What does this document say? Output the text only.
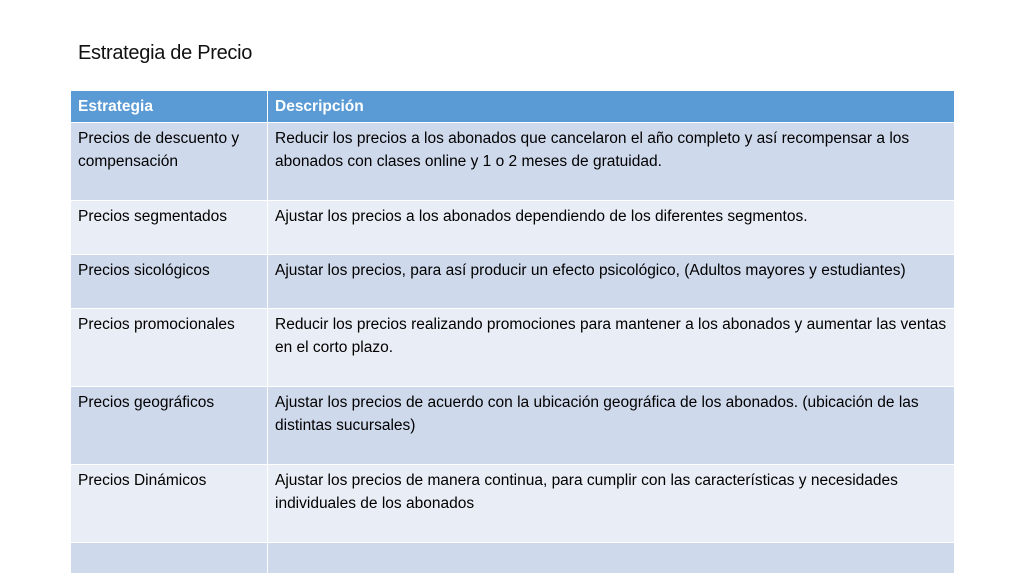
Estrategia de Precio
Estrategia	Descripción
Precios de descuento y compensación	Reducir los precios a los abonados que cancelaron el año completo y así recompensar a los abonados con clases online y 1 o 2 meses de gratuidad.
Precios segmentados	Ajustar los precios a los abonados dependiendo de los diferentes segmentos.
Precios sicológicos	Ajustar los precios, para así producir un efecto psicológico, (Adultos mayores y estudiantes)
Precios promocionales	Reducir los precios realizando promociones para mantener a los abonados y aumentar las ventas en el corto plazo.
Precios geográficos	Ajustar los precios de acuerdo con la ubicación geográfica de los abonados. (ubicación de las distintas sucursales)
Precios Dinámicos	Ajustar los precios de manera continua, para cumplir con las características y necesidades individuales de los abonados
